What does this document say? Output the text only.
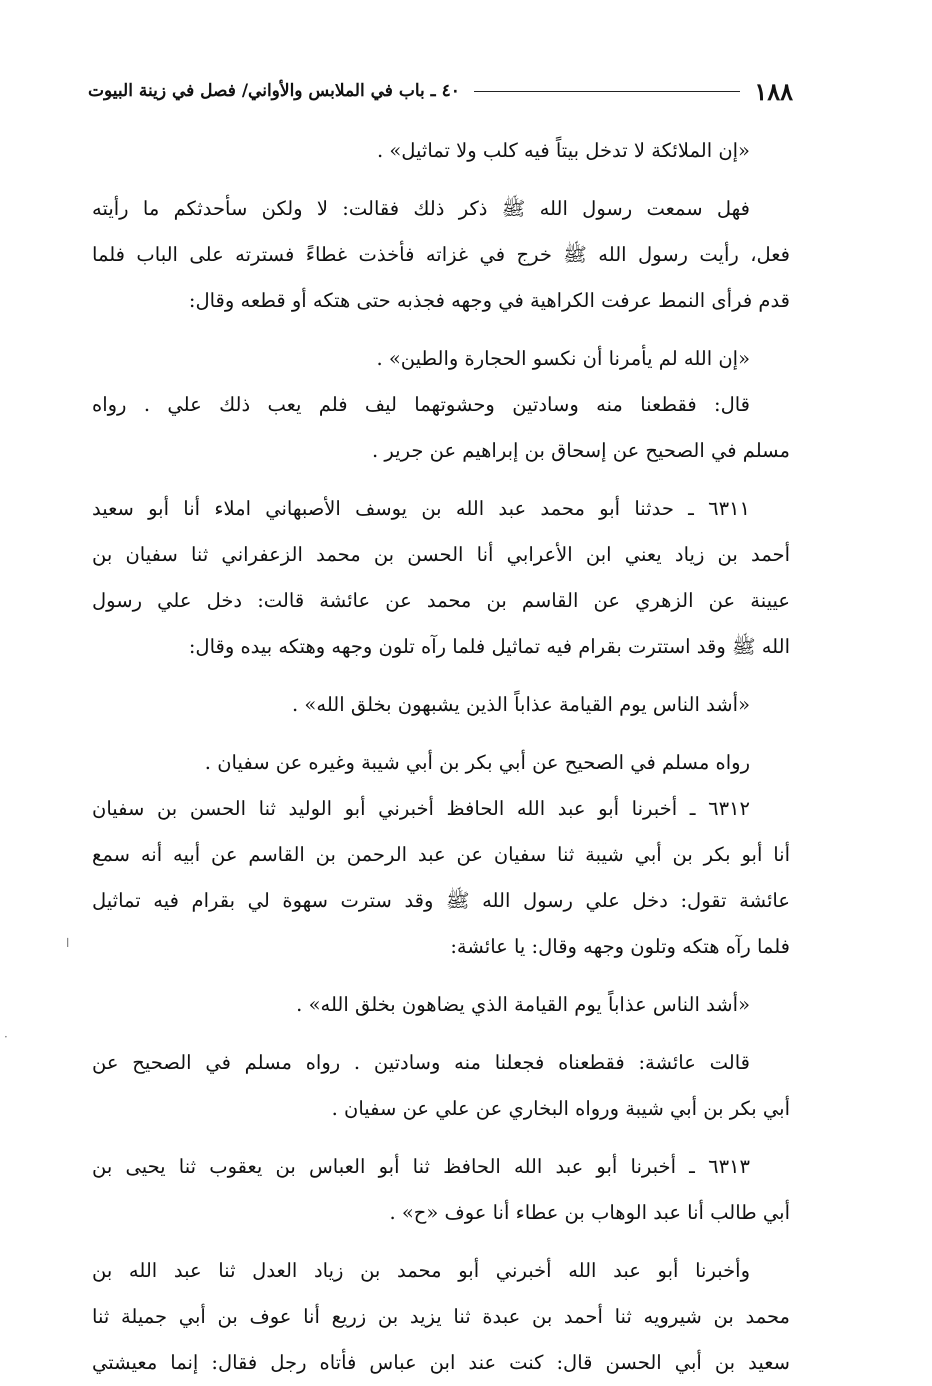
١٨٨
٤٠ ـ باب في الملابس والأواني/ فصل في زينة البيوت
«إن الملائكة لا تدخل بيتاً فيه كلب ولا تماثيل» .
فهل سمعت رسول الله ﷺ ذكر ذلك فقالت: لا ولكن سأحدثكم ما رأيته
فعل، رأيت رسول الله ﷺ خرج في غزاته فأخذت غطاءً فسترته على الباب فلما
قدم فرأى النمط عرفت الكراهية في وجهه فجذبه حتى هتكه أو قطعه وقال:
«إن الله لم يأمرنا أن نكسو الحجارة والطين» .
قال: فقطعنا منه وسادتين وحشوتهما ليف فلم يعب ذلك علي . رواه
مسلم في الصحيح عن إسحاق بن إبراهيم عن جرير .
٦٣١١ ـ حدثنا أبو محمد عبد الله بن يوسف الأصبهاني املاء أنا أبو سعيد
أحمد بن زياد يعني ابن الأعرابي أنا الحسن بن محمد الزعفراني ثنا سفيان بن
عيينة عن الزهري عن القاسم بن محمد عن عائشة قالت: دخل علي رسول
الله ﷺ وقد استترت بقرام فيه تماثيل فلما رآه تلون وجهه وهتكه بيده وقال:
«أشد الناس يوم القيامة عذاباً الذين يشبهون بخلق الله» .
رواه مسلم في الصحيح عن أبي بكر بن أبي شيبة وغيره عن سفيان .
٦٣١٢ ـ أخبرنا أبو عبد الله الحافظ أخبرني أبو الوليد ثنا الحسن بن سفيان
أنا أبو بكر بن أبي شيبة ثنا سفيان عن عبد الرحمن بن القاسم عن أبيه أنه سمع
عائشة تقول: دخل علي رسول الله ﷺ وقد سترت سهوة لي بقرام فيه تماثيل
فلما رآه هتكه وتلون وجهه وقال: يا عائشة:
«أشد الناس عذاباً يوم القيامة الذي يضاهون بخلق الله» .
قالت عائشة: فقطعناه فجعلنا منه وسادتين . رواه مسلم في الصحيح عن
أبي بكر بن أبي شيبة ورواه البخاري عن علي عن سفيان .
٦٣١٣ ـ أخبرنا أبو عبد الله الحافظ ثنا أبو العباس بن يعقوب ثنا يحيى بن
أبي طالب أنا عبد الوهاب بن عطاء أنا عوف «ح» .
وأخبرنا أبو عبد الله أخبرني أبو محمد بن زياد العدل ثنا عبد الله بن
محمد بن شيرويه ثنا أحمد بن عبدة ثنا يزيد بن زريع أنا عوف بن أبي جميلة ثنا
سعيد بن أبي الحسن قال: كنت عند ابن عباس فأتاه رجل فقال: إنما معيشتي
·
ا
